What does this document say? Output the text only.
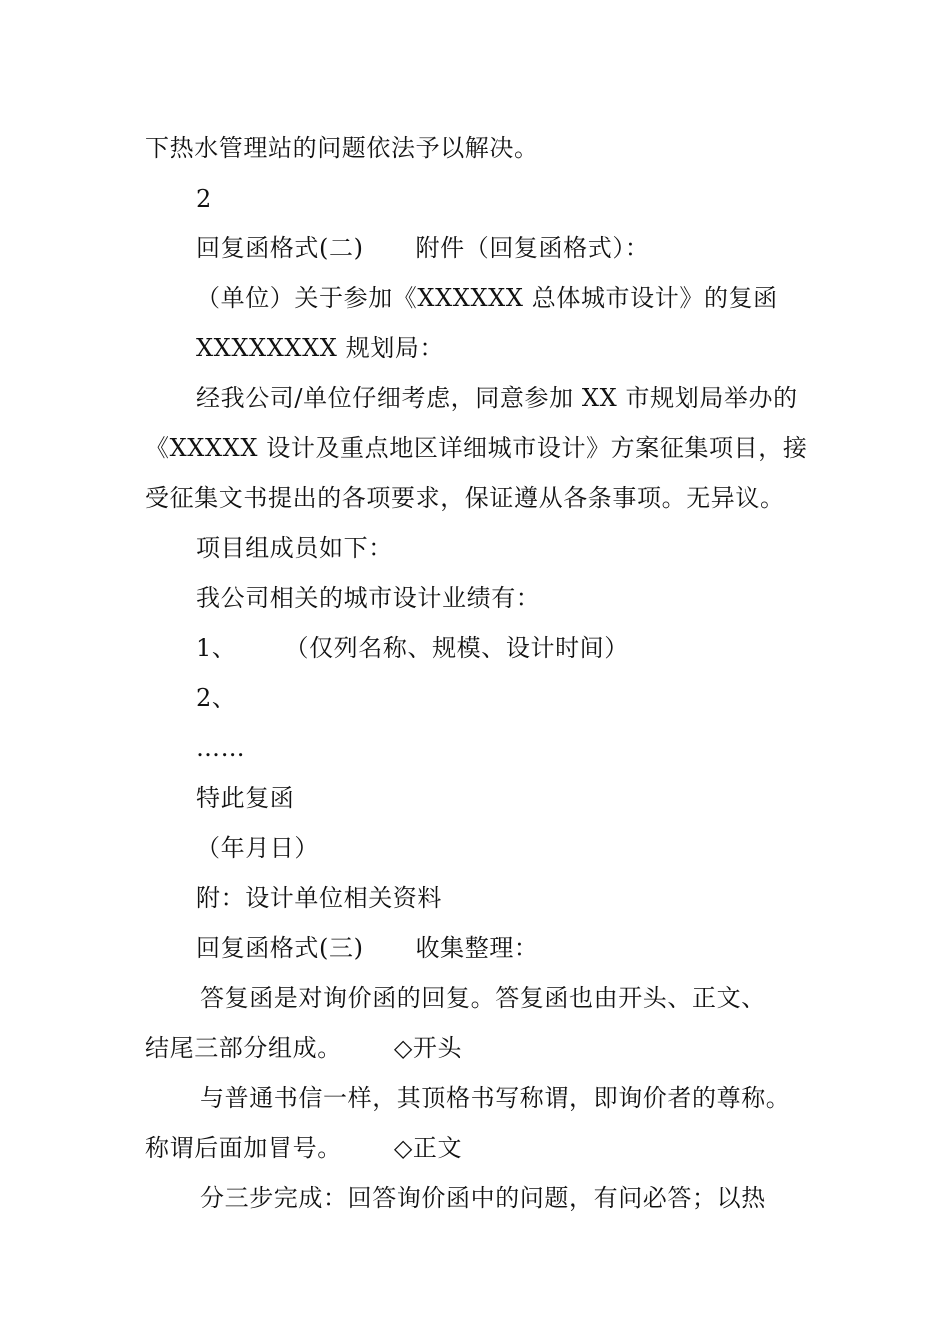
下热水管理站的问题依法予以解决。
2
回复函格式(二) 附件（回复函格式）：
（单位）关于参加《XXXXXX 总体城市设计》的复函
XXXXXXXX 规划局：
经我公司/单位仔细考虑，同意参加 XX 市规划局举办的
《XXXXX 设计及重点地区详细城市设计》方案征集项目，接
受征集文书提出的各项要求，保证遵从各条事项。无异议。
项目组成员如下：
我公司相关的城市设计业绩有：
1、 （仅列名称、规模、设计时间）
2、
……
特此复函
（年月日）
附：设计单位相关资料
回复函格式(三) 收集整理：
答复函是对询价函的回复。答复函也由开头、正文、
结尾三部分组成。 ◇开头
与普通书信一样，其顶格书写称谓，即询价者的尊称。
称谓后面加冒号。 ◇正文
分三步完成：回答询价函中的问题，有问必答；以热
